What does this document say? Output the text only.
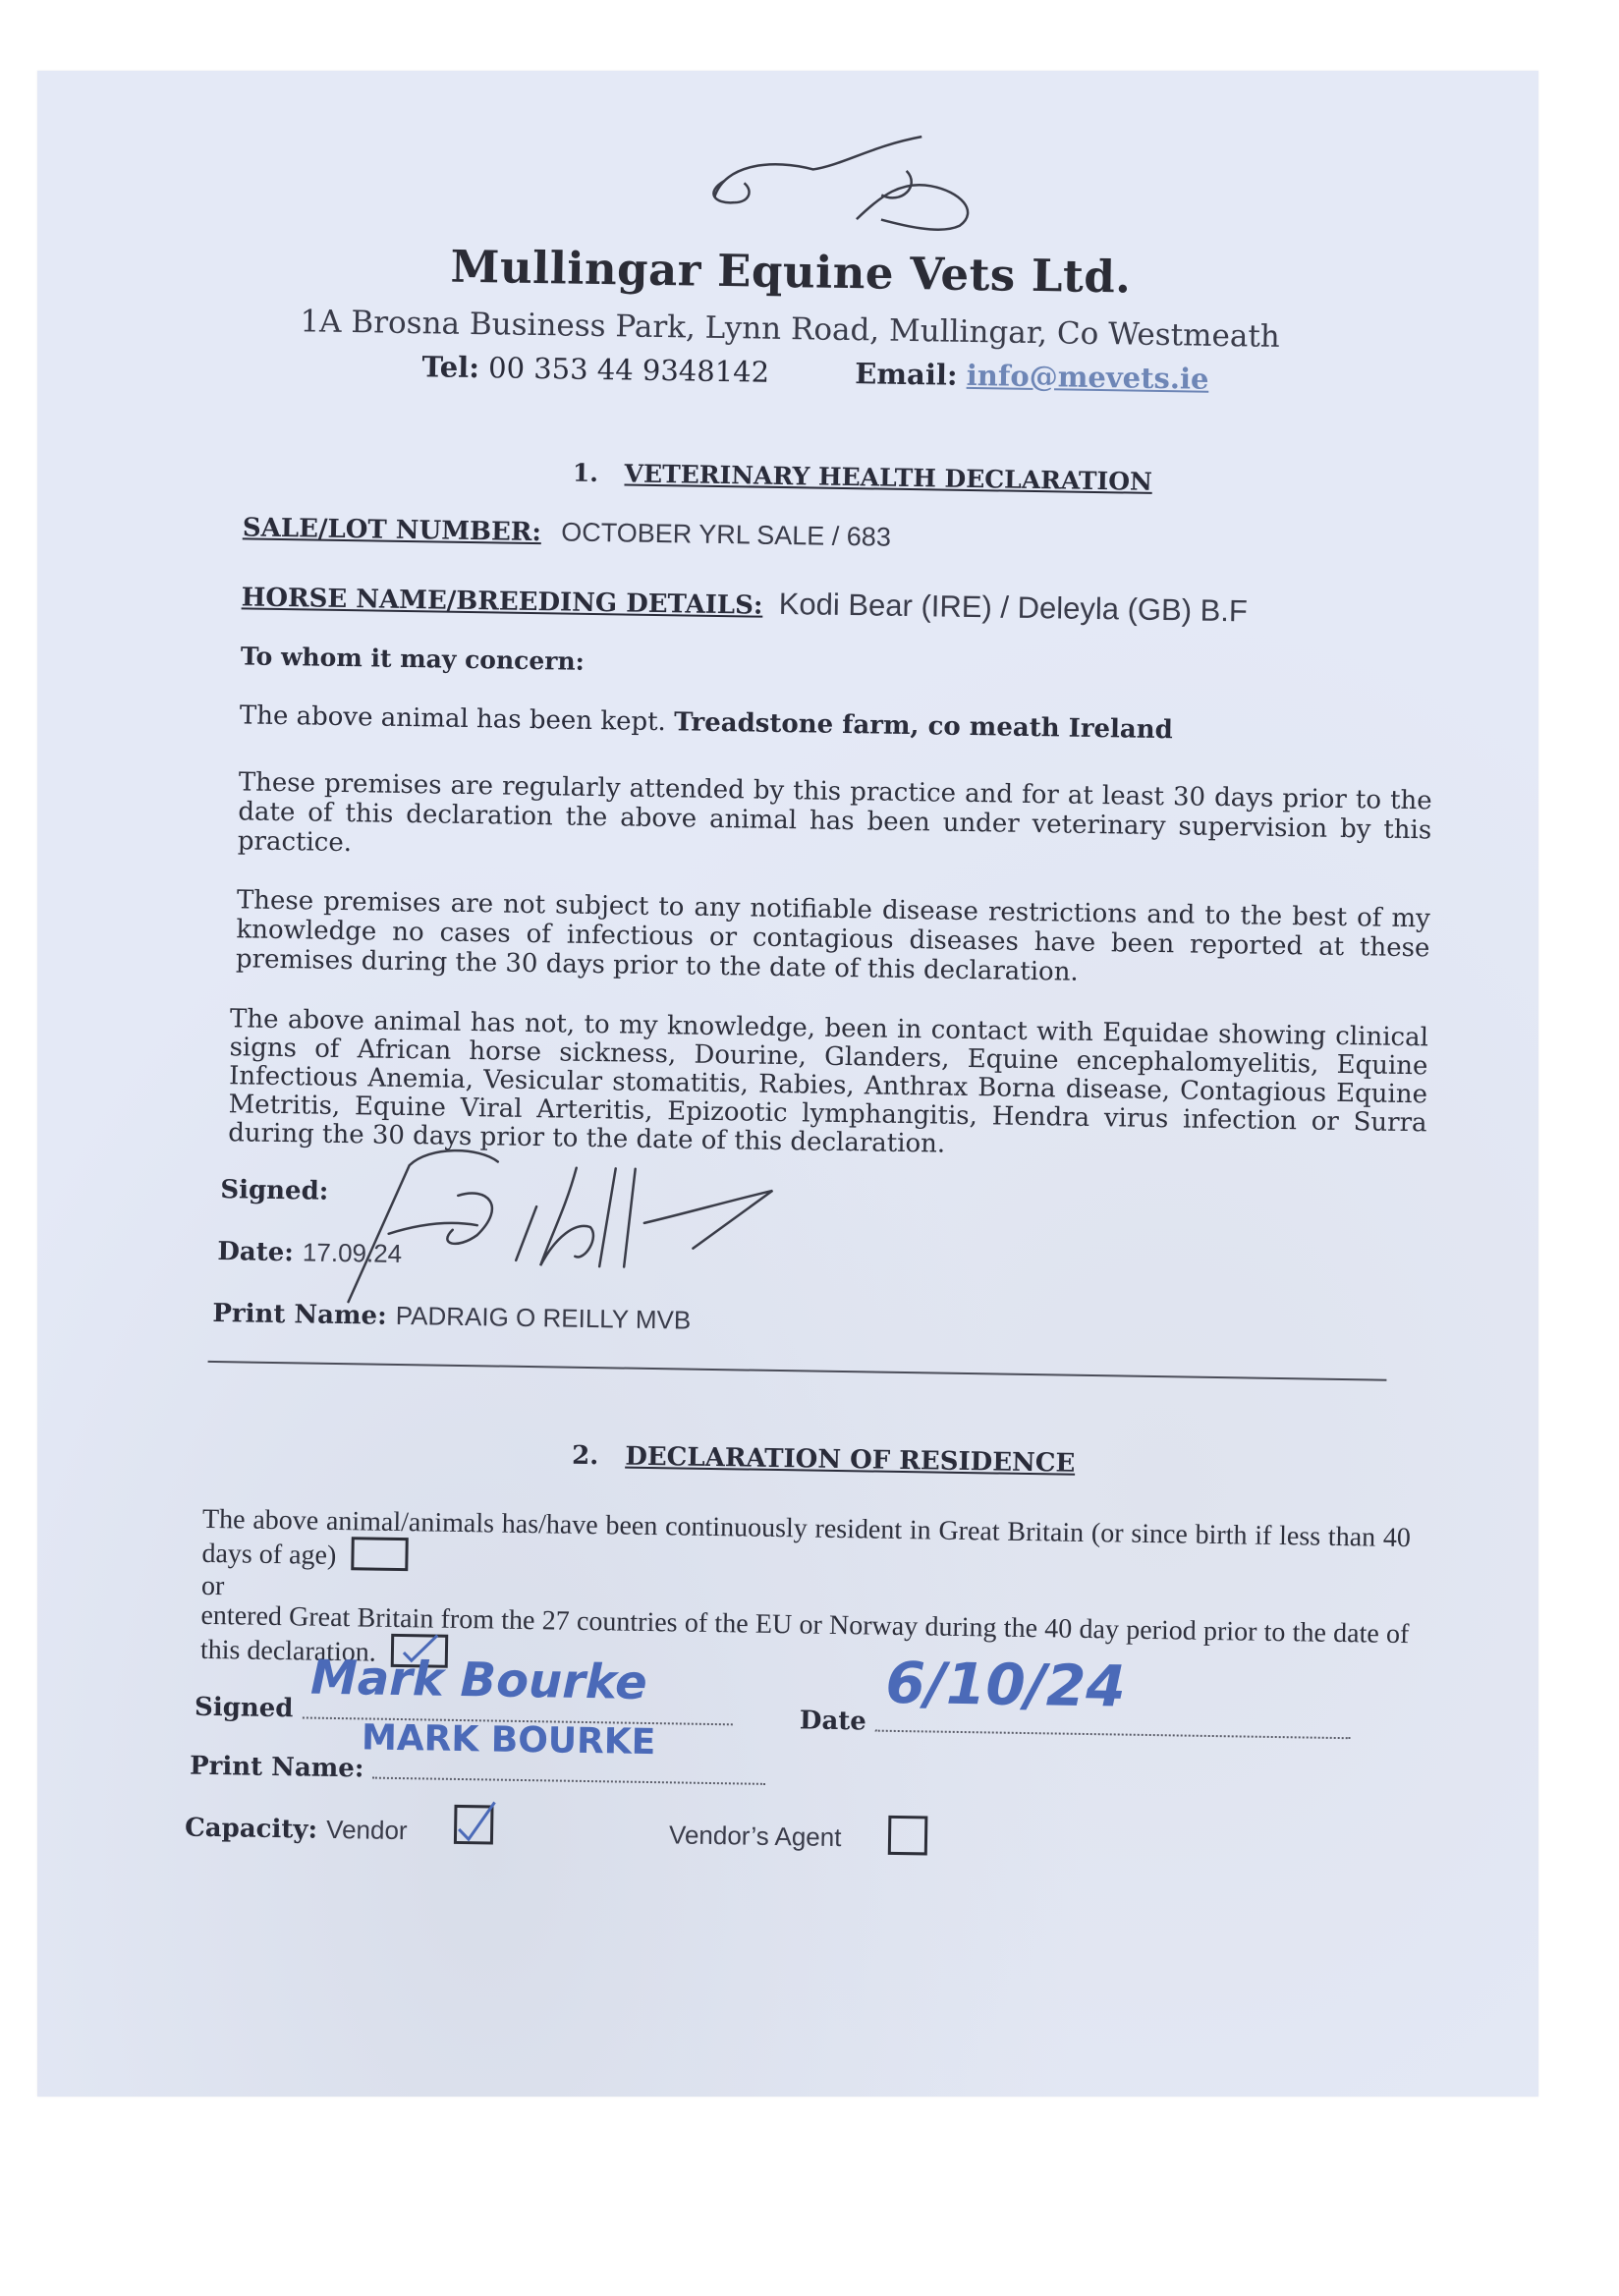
Mullingar Equine Vets Ltd.
1A Brosna Business Park, Lynn Road, Mullingar, Co Westmeath
Tel: 00 353 44 9348142	Email: info@mevets.ie
1. VETERINARY HEALTH DECLARATION
SALE/LOT NUMBER: OCTOBER YRL SALE / 683
HORSE NAME/BREEDING DETAILS: Kodi Bear (IRE) / Deleyla (GB) B.F
To whom it may concern:
The above animal has been kept. Treadstone farm, co meath Ireland
These premises are regularly attended by this practice and for at least 30 days prior to the date of this declaration the above animal has been under veterinary supervision by this practice.
These premises are not subject to any notifiable disease restrictions and to the best of my knowledge no cases of infectious or contagious diseases have been reported at these premises during the 30 days prior to the date of this declaration.
The above animal has not, to my knowledge, been in contact with Equidae showing clinical signs of African horse sickness, Dourine, Glanders, Equine encephalomyelitis, Equine Infectious Anemia, Vesicular stomatitis, Rabies, Anthrax Borna disease, Contagious Equine Metritis, Equine Viral Arteritis, Epizootic lymphangitis, Hendra virus infection or Surra during the 30 days prior to the date of this declaration.
Signed:
Date: 17.09.24
Print Name: PADRAIG O REILLY MVB
2. DECLARATION OF RESIDENCE
The above animal/animals has/have been continuously resident in Great Britain (or since birth if less than 40 days of age)
or
entered Great Britain from the 27 countries of the EU or Norway during the 40 day period prior to the date of this declaration.
Signed Mark Bourke
Date
6/10/24
Print Name:
MARK BOURKE
Capacity: Vendor	Vendor’s Agent
